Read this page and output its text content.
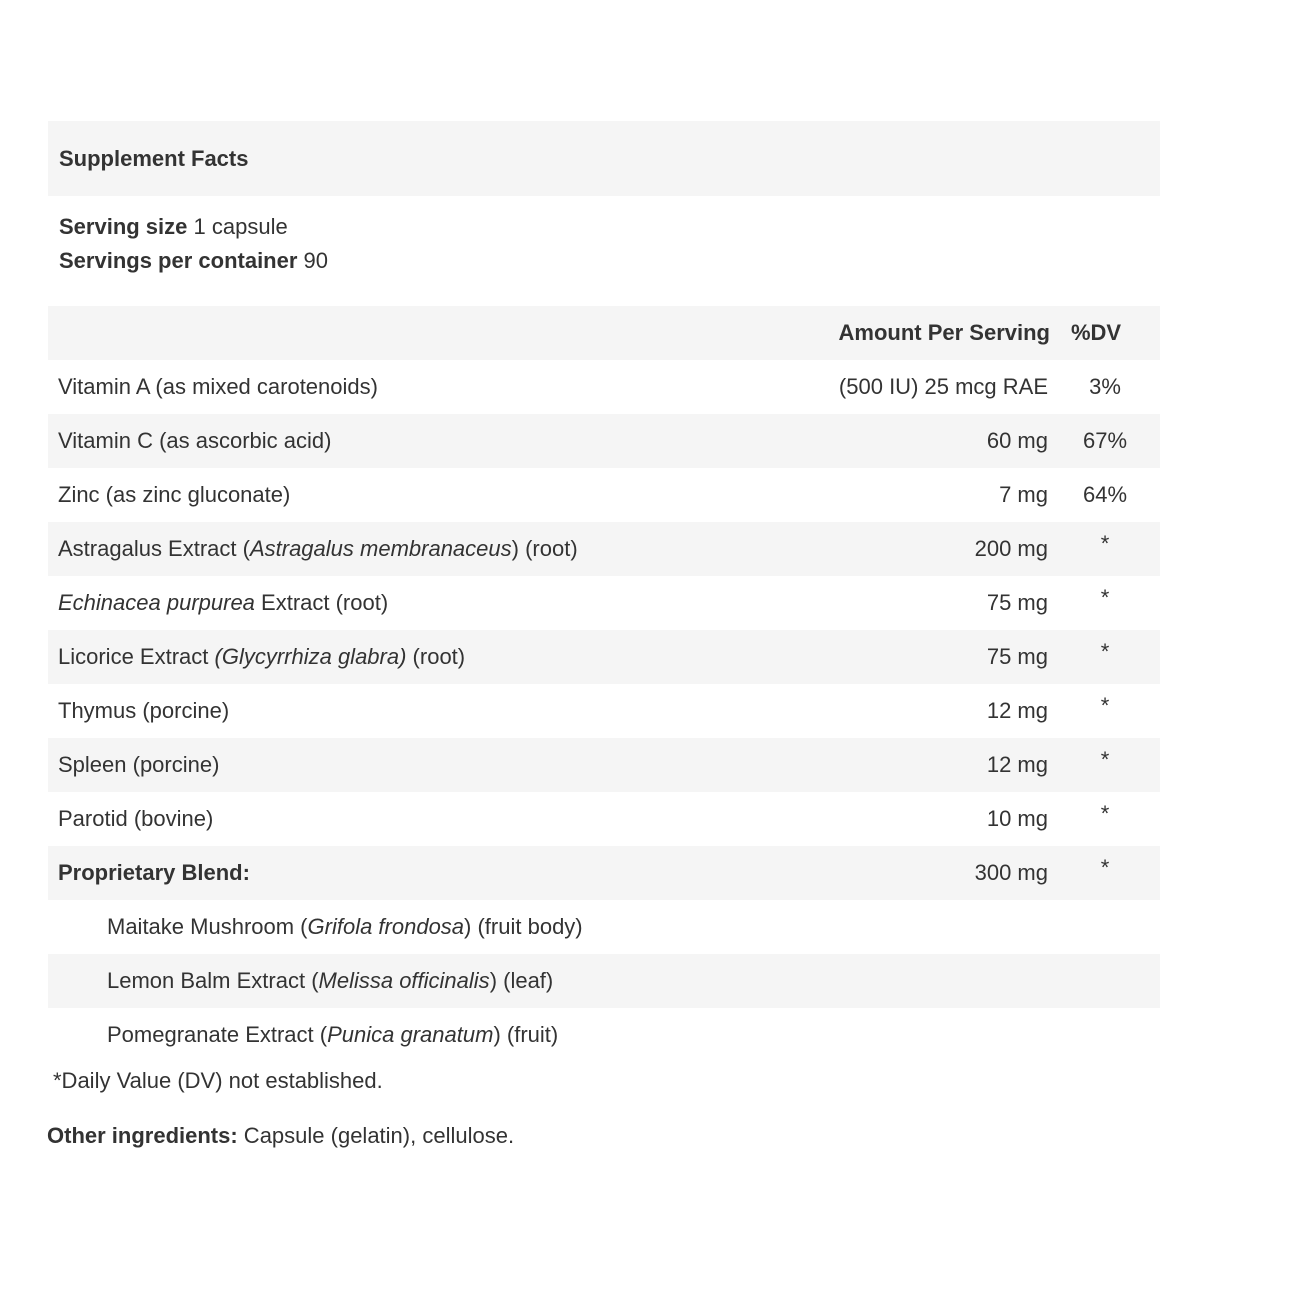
Supplement Facts
Serving size 1 capsule
Servings per container 90
Amount Per Serving %DV
Vitamin A (as mixed carotenoids)	(500 IU) 25 mcg RAE	3%
Vitamin C (as ascorbic acid)	60 mg	67%
Zinc (as zinc gluconate)	7 mg	64%
Astragalus Extract (Astragalus membranaceus) (root)	200 mg	*
Echinacea purpurea Extract (root)	75 mg	*
Licorice Extract (Glycyrrhiza glabra) (root)	75 mg	*
Thymus (porcine)	12 mg	*
Spleen (porcine)	12 mg	*
Parotid (bovine)	10 mg	*
Proprietary Blend:	300 mg	*
Maitake Mushroom (Grifola frondosa) (fruit body)
Lemon Balm Extract (Melissa officinalis) (leaf)
Pomegranate Extract (Punica granatum) (fruit)
*Daily Value (DV) not established.
Other ingredients: Capsule (gelatin), cellulose.
